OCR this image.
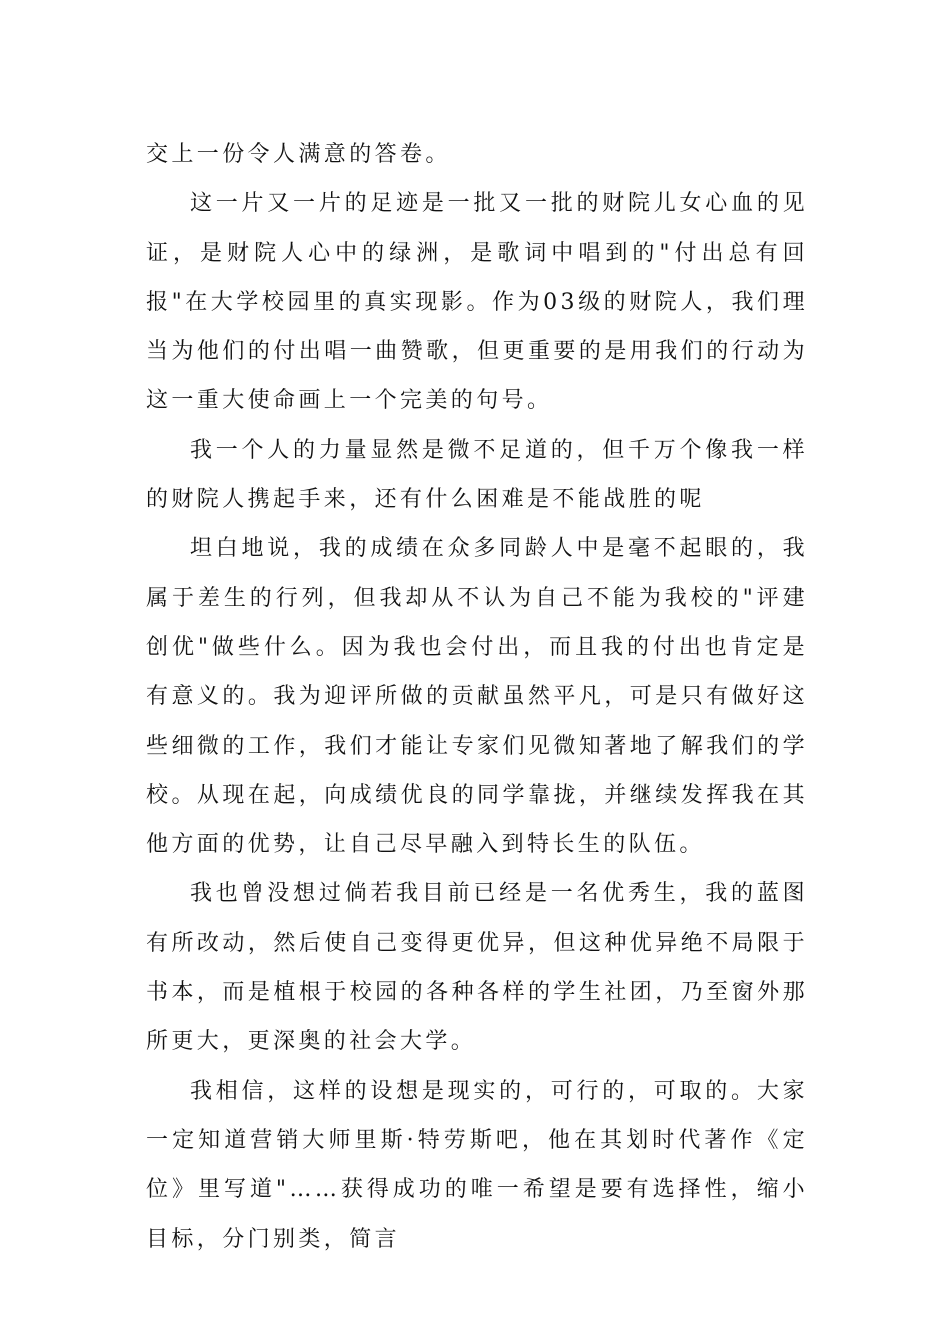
交上一份令人满意的答卷。

这一片又一片的足迹是一批又一批的财院儿女心血的见证，是财院人心中的绿洲，是歌词中唱到的"付出总有回报"在大学校园里的真实现影。作为03级的财院人，我们理当为他们的付出唱一曲赞歌，但更重要的是用我们的行动为这一重大使命画上一个完美的句号。

我一个人的力量显然是微不足道的，但千万个像我一样的财院人携起手来，还有什么困难是不能战胜的呢

坦白地说，我的成绩在众多同龄人中是毫不起眼的，我属于差生的行列，但我却从不认为自己不能为我校的"评建创优"做些什么。因为我也会付出，而且我的付出也肯定是有意义的。我为迎评所做的贡献虽然平凡，可是只有做好这些细微的工作，我们才能让专家们见微知著地了解我们的学校。从现在起，向成绩优良的同学靠拢，并继续发挥我在其他方面的优势，让自己尽早融入到特长生的队伍。

我也曾没想过倘若我目前已经是一名优秀生，我的蓝图有所改动，然后使自己变得更优异，但这种优异绝不局限于书本，而是植根于校园的各种各样的学生社团，乃至窗外那所更大，更深奥的社会大学。

我相信，这样的设想是现实的，可行的，可取的。大家一定知道营销大师里斯·特劳斯吧，他在其划时代著作《定位》里写道"……获得成功的唯一希望是要有选择性，缩小目标，分门别类，简言
